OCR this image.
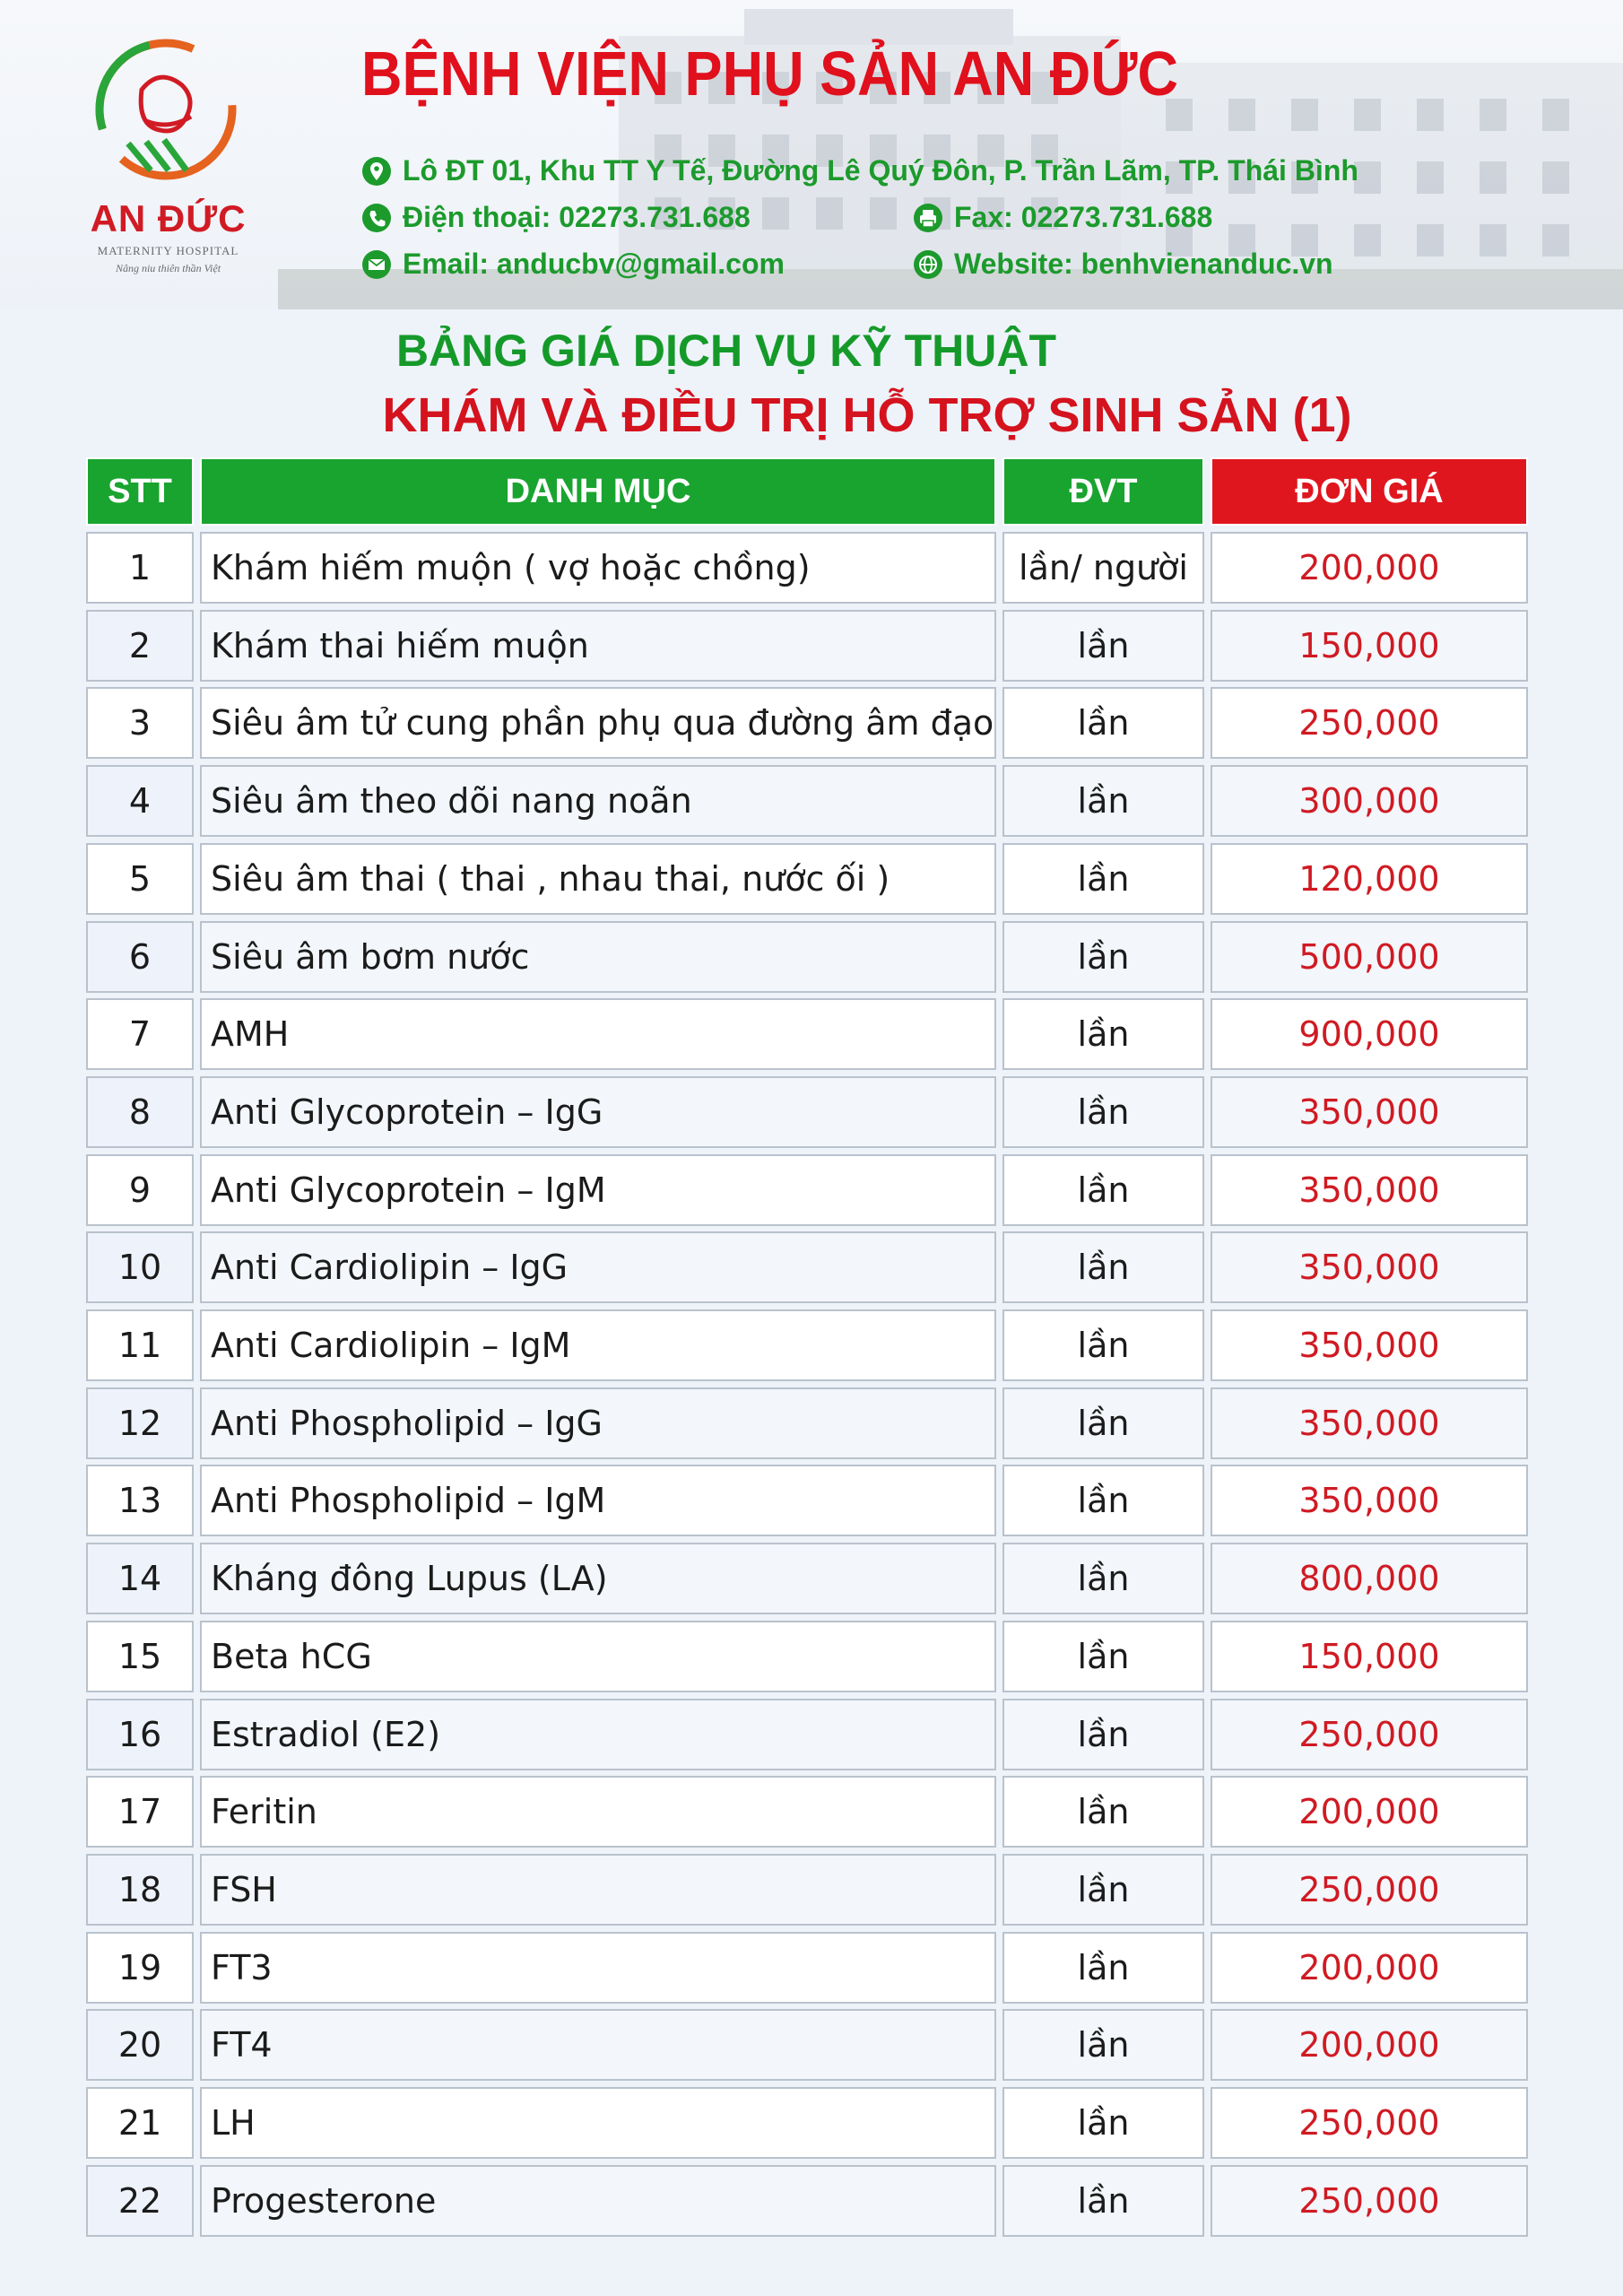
AN ĐỨC
MATERNITY HOSPITAL
Nâng niu thiên thần Việt
BỆNH VIỆN PHỤ SẢN AN ĐỨC
Lô ĐT 01, Khu TT Y Tế, Đường Lê Quý Đôn, P. Trần Lãm, TP. Thái Bình
Điện thoại: 02273.731.688	Fax: 02273.731.688
Email: anducbv@gmail.com	Website: benhvienanduc.vn
BẢNG GIÁ DỊCH VỤ KỸ THUẬT
KHÁM VÀ ĐIỀU TRỊ HỖ TRỢ SINH SẢN (1)
STT	DANH MỤC	ĐVT	ĐƠN GIÁ
1	Khám hiếm muộn ( vợ hoặc chồng)	lần/ người	200,000
2	Khám thai hiếm muộn	lần	150,000
3	Siêu âm tử cung phần phụ qua đường âm đạo	lần	250,000
4	Siêu âm theo dõi nang noãn	lần	300,000
5	Siêu âm thai ( thai , nhau thai, nước ối )	lần	120,000
6	Siêu âm bơm nước	lần	500,000
7	AMH	lần	900,000
8	Anti Glycoprotein – IgG	lần	350,000
9	Anti Glycoprotein – IgM	lần	350,000
10	Anti Cardiolipin – IgG	lần	350,000
11	Anti Cardiolipin – IgM	lần	350,000
12	Anti Phospholipid – IgG	lần	350,000
13	Anti Phospholipid – IgM	lần	350,000
14	Kháng đông Lupus (LA)	lần	800,000
15	Beta hCG	lần	150,000
16	Estradiol (E2)	lần	250,000
17	Feritin	lần	200,000
18	FSH	lần	250,000
19	FT3	lần	200,000
20	FT4	lần	200,000
21	LH	lần	250,000
22	Progesterone	lần	250,000
